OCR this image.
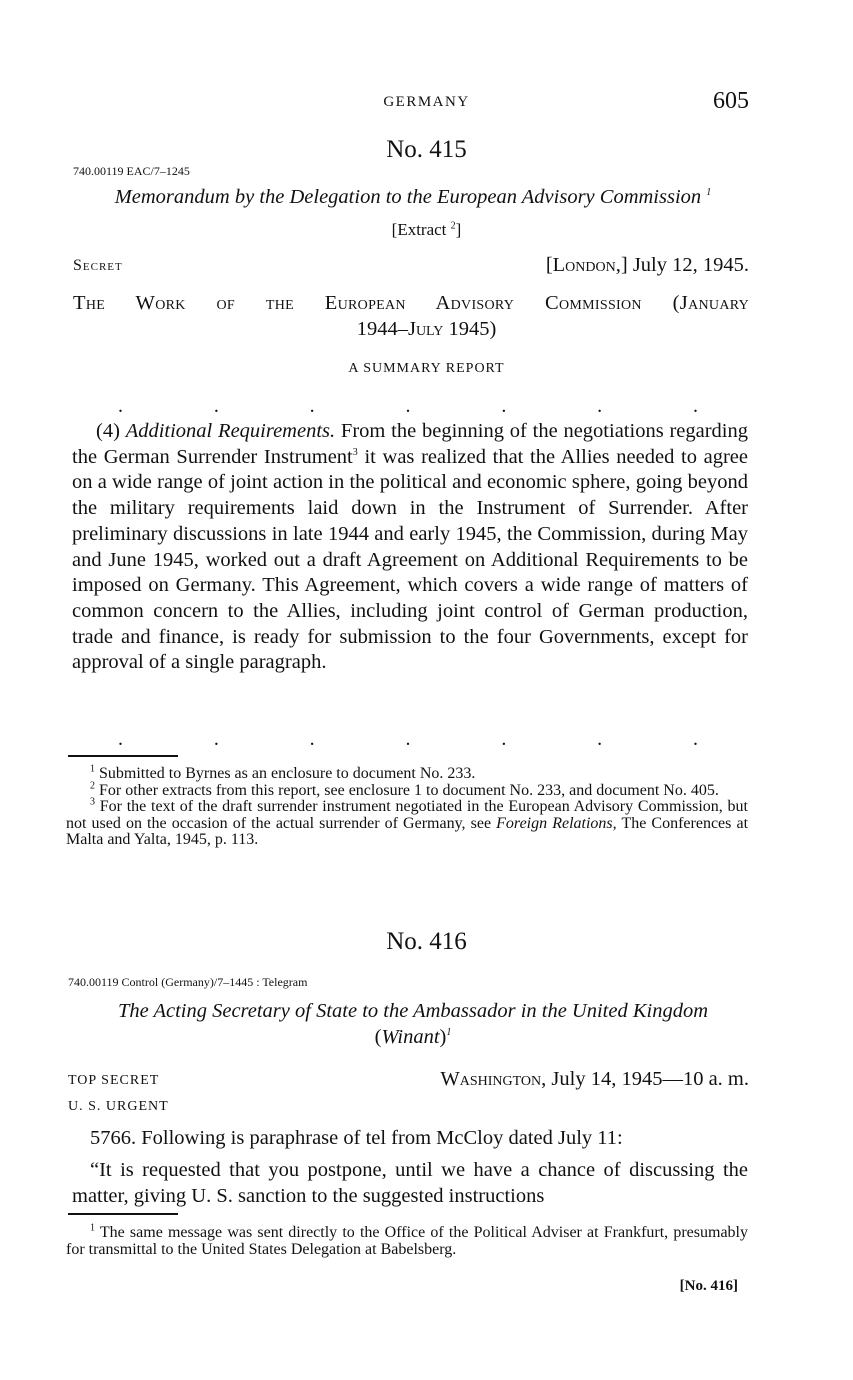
GERMANY	605
No. 415
740.00119 EAC/7–1245
Memorandum by the Delegation to the European Advisory Commission $^1$
[Extract $^2$]
Secret	[London,] July 12, 1945.
The Work of the European Advisory Commission (January
1944–July 1945)
A SUMMARY REPORT
.	.	.	.	.	.	.
(4) Additional Requirements. From the beginning of the negotiations regarding the German Surrender Instrument$^3$ it was realized that the Allies needed to agree on a wide range of joint action in the political and economic sphere, going beyond the military requirements laid down in the Instrument of Surrender. After preliminary discussions in late 1944 and early 1945, the Commission, during May and June 1945, worked out a draft Agreement on Additional Requirements to be imposed on Germany. This Agreement, which covers a wide range of matters of common concern to the Allies, including joint control of German production, trade and finance, is ready for submission to the four Governments, except for approval of a single paragraph.
.	.	.	.	.	.	.
$^1$ Submitted to Byrnes as an enclosure to document No. 233.
$^2$ For other extracts from this report, see enclosure 1 to document No. 233, and document No. 405.
$^3$ For the text of the draft surrender instrument negotiated in the European Advisory Commission, but not used on the occasion of the actual surrender of Germany, see Foreign Relations, The Conferences at Malta and Yalta, 1945, p. 113.
No. 416
740.00119 Control (Germany)/7–1445 : Telegram
The Acting Secretary of State to the Ambassador in the United Kingdom
(Winant)$^1$
TOP SECRET
U. S. URGENT
Washington, July 14, 1945—10 a. m.
5766. Following is paraphrase of tel from McCloy dated July 11:
“It is requested that you postpone, until we have a chance of discussing the matter, giving U. S. sanction to the suggested instructions
$^1$ The same message was sent directly to the Office of the Political Adviser at Frankfurt, presumably for transmittal to the United States Delegation at Babelsberg.
[No. 416]
